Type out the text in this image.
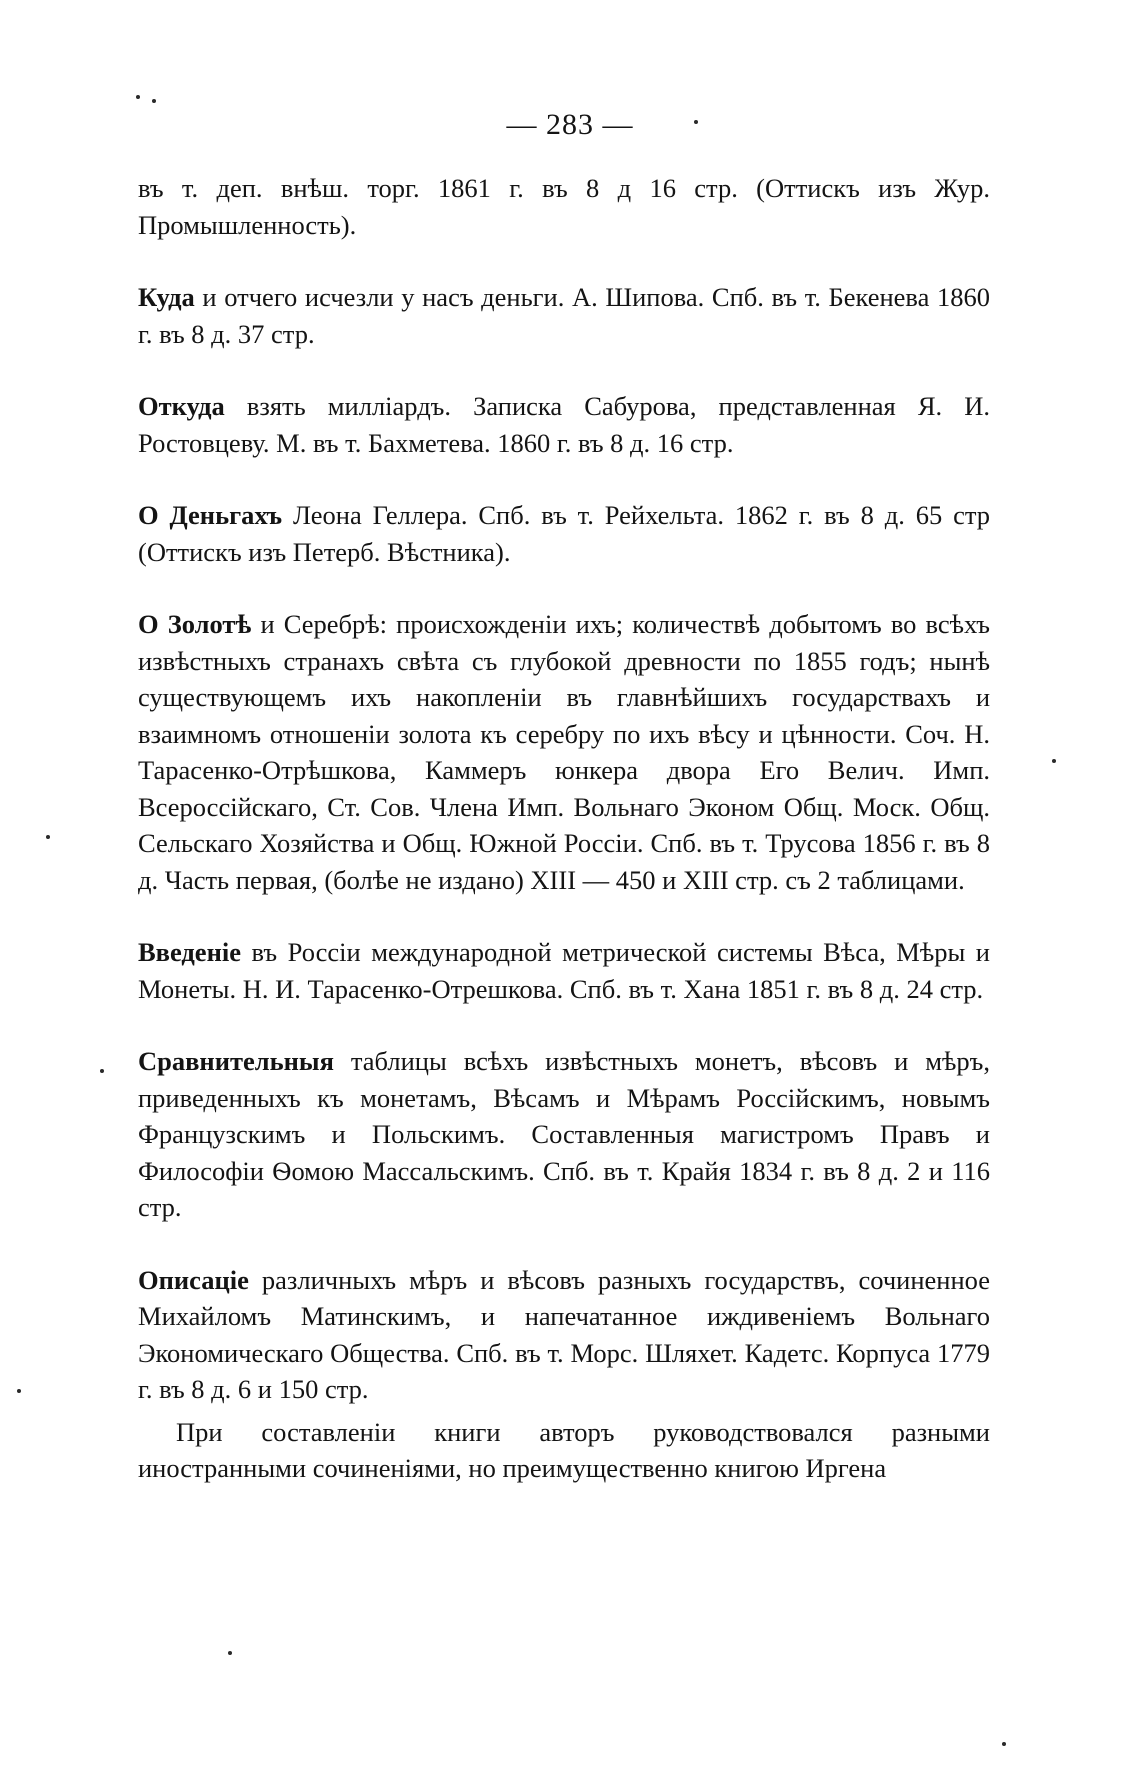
— 283 —

въ т. деп. внѣш. торг. 1861 г. въ 8 д 16 стр. (Оттискъ изъ Жур. Промышленность).

Куда и отчего исчезли у насъ деньги. А. Шипова. Спб. въ т. Бекенева 1860 г. въ 8 д. 37 стр.

Откуда взять милліардъ. Записка Сабурова, представленная Я. И. Ростовцеву. М. въ т. Бахметева. 1860 г. въ 8 д. 16 стр.

О Деньгахъ Леона Геллера. Спб. въ т. Рейхельта. 1862 г. въ 8 д. 65 стр (Оттискъ изъ Петерб. Вѣстника).

О Золотѣ и Серебрѣ: происхожденіи ихъ; количествѣ добытомъ во всѣхъ извѣстныхъ странахъ свѣта съ глубокой древности по 1855 годъ; нынѣ существующемъ ихъ накопленіи въ главнѣйшихъ государствахъ и взаимномъ отношеніи золота къ серебру по ихъ вѣсу и цѣнности. Соч. Н. Тарасенко-Отрѣшкова, Каммеръ юнкера двора Его Велич. Имп. Всероссійскаго, Ст. Сов. Члена Имп. Вольнаго Эконом Общ. Моск. Общ. Сельскаго Хозяйства и Общ. Южной Россіи. Спб. въ т. Трусова 1856 г. въ 8 д. Часть первая, (болѣе не издано) XIII — 450 и XIII стр. съ 2 таблицами.

Введеніе въ Россіи международной метрической системы Вѣса, Мѣры и Монеты. Н. И. Тарасенко-Отрешкова. Спб. въ т. Хана 1851 г. въ 8 д. 24 стр.

Сравнительныя таблицы всѣхъ извѣстныхъ монетъ, вѣсовъ и мѣръ, приведенныхъ къ монетамъ, Вѣсамъ и Мѣрамъ Россійскимъ, новымъ Французскимъ и Польскимъ. Составленныя магистромъ Правъ и Философіи Ѳомою Массальскимъ. Спб. въ т. Крайя 1834 г. въ 8 д. 2 и 116 стр.

Описаціе различныхъ мѣръ и вѣсовъ разныхъ государствъ, сочиненное Михайломъ Матинскимъ, и напечатанное иждивеніемъ Вольнаго Экономическаго Общества. Спб. въ т. Морс. Шляхет. Кадетс. Корпуса 1779 г. въ 8 д. 6 и 150 стр.

При составленіи книги авторъ руководствовался разными иностранными сочиненіями, но преимущественно книгою Иргена
